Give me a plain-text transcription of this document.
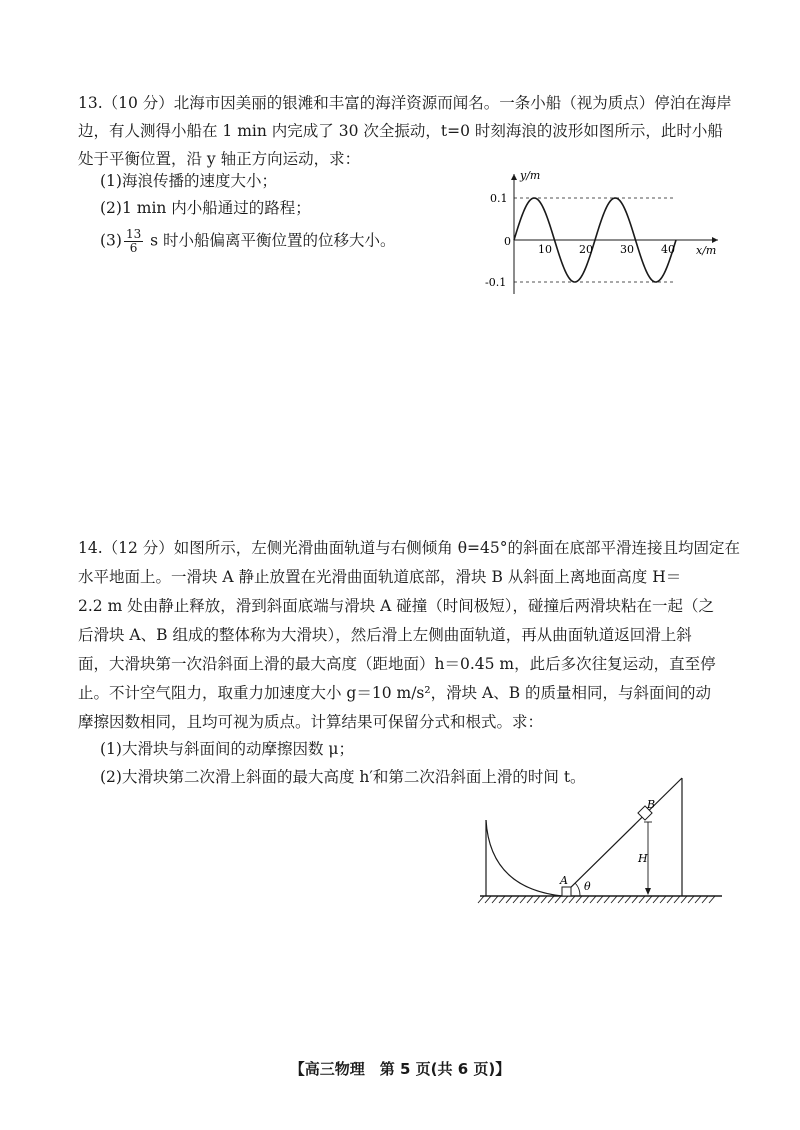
13.（10 分）北海市因美丽的银滩和丰富的海洋资源而闻名。一条小船（视为质点）停泊在海岸
边，有人测得小船在 1 min 内完成了 30 次全振动，t=0 时刻海浪的波形如图所示，此时小船
处于平衡位置，沿 y 轴正方向运动，求：
(1)海浪传播的速度大小；
(2)1 min 内小船通过的路程；
$(3) \frac{13}{6}$ s 时小船偏离平衡位置的位移大小。
y/m
x/m
0
0.1
-0.1
10 20 30 40
14.（12 分）如图所示，左侧光滑曲面轨道与右侧倾角 θ=45°的斜面在底部平滑连接且均固定在
水平地面上。一滑块 A 静止放置在光滑曲面轨道底部，滑块 B 从斜面上离地面高度 H＝
2.2 m 处由静止释放，滑到斜面底端与滑块 A 碰撞（时间极短），碰撞后两滑块粘在一起（之
后滑块 A、B 组成的整体称为大滑块），然后滑上左侧曲面轨道，再从曲面轨道返回滑上斜
面，大滑块第一次沿斜面上滑的最大高度（距地面）h＝0.45 m，此后多次往复运动，直至停
止。不计空气阻力，取重力加速度大小 g＝10 m/s²，滑块 A、B 的质量相同，与斜面间的动
摩擦因数相同，且均可视为质点。计算结果可保留分式和根式。求：
(1)大滑块与斜面间的动摩擦因数 μ；
(2)大滑块第二次滑上斜面的最大高度 h′和第二次沿斜面上滑的时间 t。
A θ
B
H
【高三物理　第 5 页(共 6 页)】
